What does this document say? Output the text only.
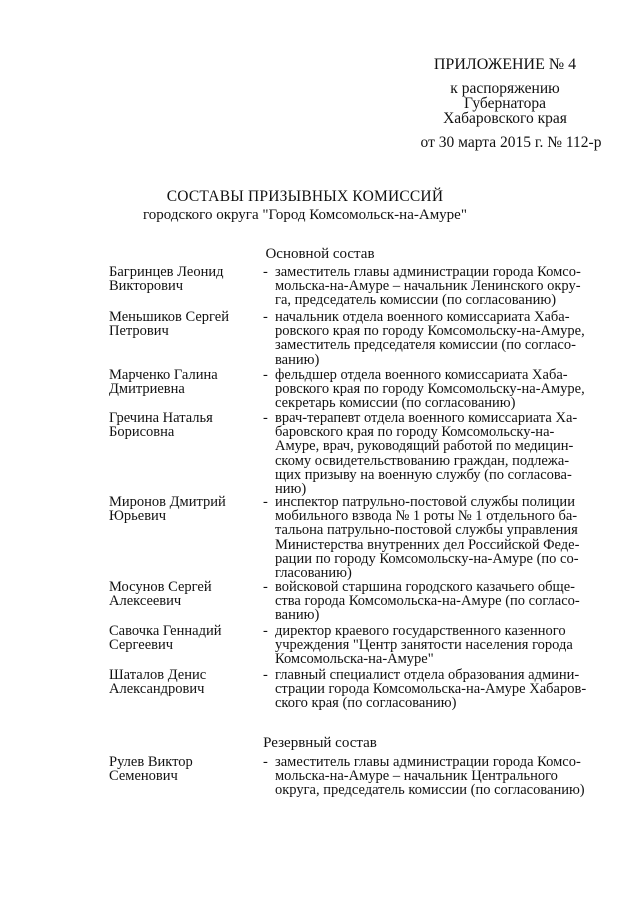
ПРИЛОЖЕНИЕ № 4
к распоряжению
Губернатора
Хабаровского края
от 30 марта 2015 г. № 112-р
СОСТАВЫ ПРИЗЫВНЫХ КОМИССИЙ
городского округа "Город Комсомольск-на-Амуре"
Основной состав
Багринцев Леонид
Викторович
- заместитель главы администрации города Комсо-
мольска-на-Амуре – начальник Ленинского окру-
га, председатель комиссии (по согласованию)
Меньшиков Сергей
Петрович
- начальник отдела военного комиссариата Хаба-
ровского края по городу Комсомольску-на-Амуре,
заместитель председателя комиссии (по согласо-
ванию)
Марченко Галина
Дмитриевна
- фельдшер отдела военного комиссариата Хаба-
ровского края по городу Комсомольску-на-Амуре,
секретарь комиссии (по согласованию)
Гречина Наталья
Борисовна
- врач-терапевт отдела военного комиссариата Ха-
баровского края по городу Комсомольску-на-
Амуре, врач, руководящий работой по медицин-
скому освидетельствованию граждан, подлежа-
щих призыву на военную службу (по согласова-
нию)
Миронов Дмитрий
Юрьевич
- инспектор патрульно-постовой службы полиции
мобильного взвода № 1 роты № 1 отдельного ба-
тальона патрульно-постовой службы управления
Министерства внутренних дел Российской Феде-
рации по городу Комсомольску-на-Амуре (по со-
гласованию)
Мосунов Сергей
Алексеевич
- войсковой старшина городского казачьего обще-
ства города Комсомольска-на-Амуре (по согласо-
ванию)
Савочка Геннадий
Сергеевич
- директор краевого государственного казенного
учреждения "Центр занятости населения города
Комсомольска-на-Амуре"
Шаталов Денис
Александрович
- главный специалист отдела образования админи-
страции города Комсомольска-на-Амуре Хабаров-
ского края (по согласованию)
Резервный состав
Рулев Виктор
Семенович
- заместитель главы администрации города Комсо-
мольска-на-Амуре – начальник Центрального
округа, председатель комиссии (по согласованию)
